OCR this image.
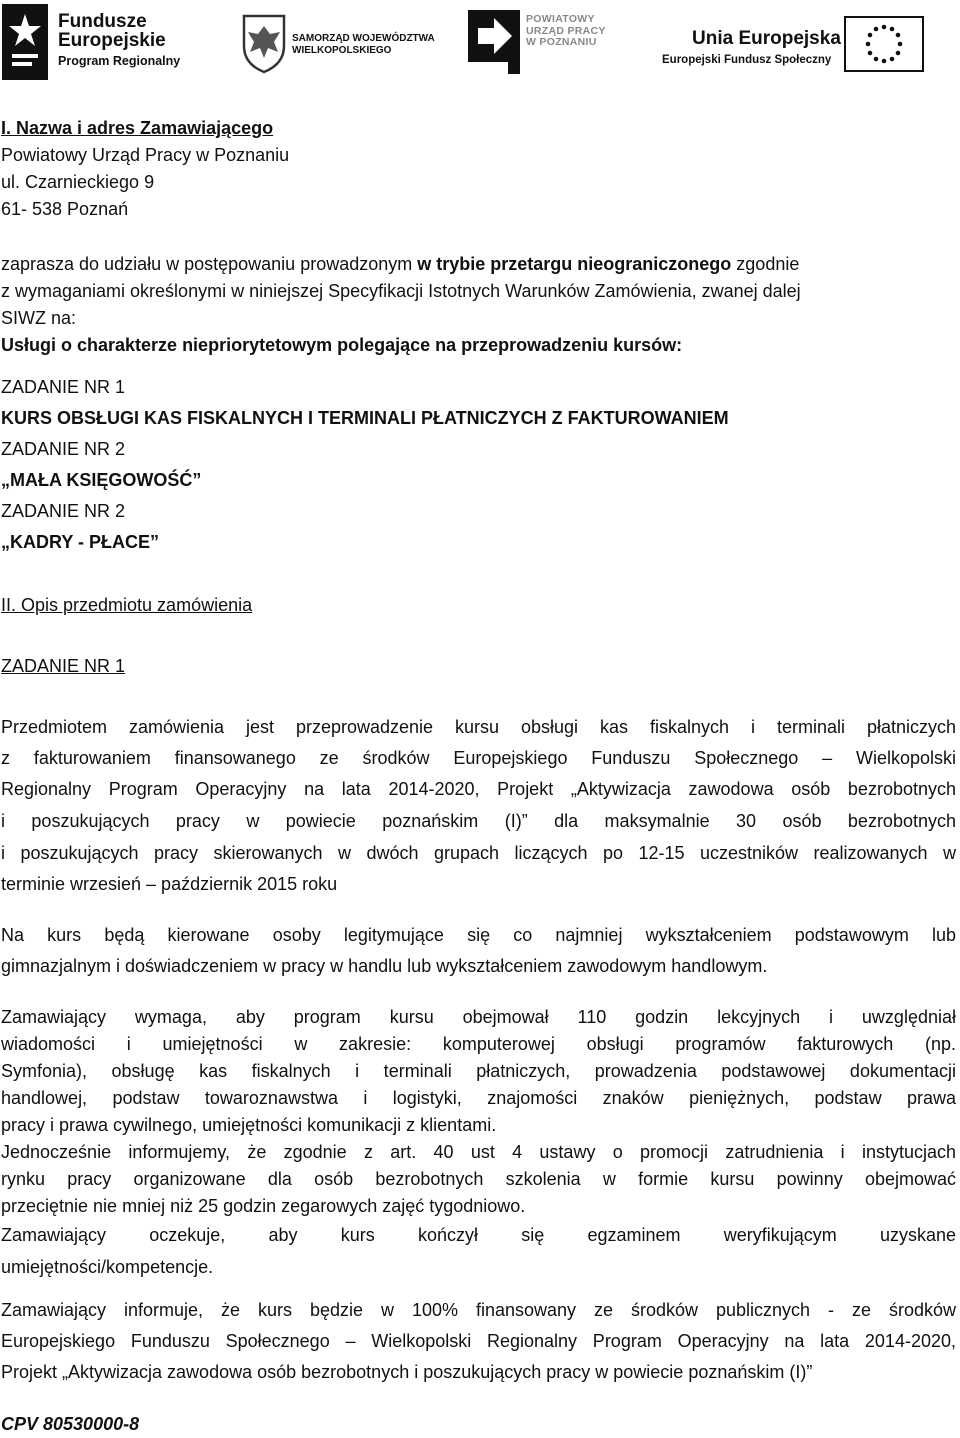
Fundusze
Europejskie
Program Regionalny
SAMORZĄD WOJEWÓDZTWA
WIELKOPOLSKIEGO
POWIATOWY
URZĄD PRACY
W POZNANIU	Unia Europejska
Europejski Fundusz Społeczny

I. Nazwa i adres Zamawiającego

Powiatowy Urząd Pracy w Poznaniu

ul. Czarnieckiego 9

61- 538 Poznań

zaprasza do udziału w postępowaniu prowadzonym w trybie przetargu nieograniczonego zgodnie

z wymaganiami określonymi w niniejszej Specyfikacji Istotnych Warunków Zamówienia, zwanej dalej

SIWZ na:

Usługi o charakterze niepriorytetowym polegające na przeprowadzeniu kursów:

ZADANIE NR 1

KURS OBSŁUGI KAS FISKALNYCH I TERMINALI PŁATNICZYCH Z FAKTUROWANIEM

ZADANIE NR 2

„MAŁA KSIĘGOWOŚĆ”

ZADANIE NR 2

„KADRY - PŁACE”

II. Opis przedmiotu zamówienia

ZADANIE NR 1

Przedmiotem zamówienia jest przeprowadzenie kursu obsługi kas fiskalnych i terminali płatniczych

z fakturowaniem finansowanego ze środków Europejskiego Funduszu Społecznego – Wielkopolski

Regionalny Program Operacyjny na lata 2014-2020, Projekt „Aktywizacja zawodowa osób bezrobotnych

i poszukujących pracy w powiecie poznańskim (I)” dla maksymalnie 30 osób bezrobotnych

i poszukujących pracy skierowanych w dwóch grupach liczących po 12-15 uczestników realizowanych w

terminie wrzesień – październik 2015 roku

Na kurs będą kierowane osoby legitymujące się co najmniej wykształceniem podstawowym lub

gimnazjalnym i doświadczeniem w pracy w handlu lub wykształceniem zawodowym handlowym.

Zamawiający wymaga, aby program kursu obejmował 110 godzin lekcyjnych i uwzględniał

wiadomości i umiejętności w zakresie: komputerowej obsługi programów fakturowych (np.

Symfonia), obsługę kas fiskalnych i terminali płatniczych, prowadzenia podstawowej dokumentacji

handlowej, podstaw towaroznawstwa i logistyki, znajomości znaków pieniężnych, podstaw prawa

pracy i prawa cywilnego, umiejętności komunikacji z klientami.

Jednocześnie informujemy, że zgodnie z art. 40 ust 4 ustawy o promocji zatrudnienia i instytucjach

rynku pracy organizowane dla osób bezrobotnych szkolenia w formie kursu powinny obejmować

przeciętnie nie mniej niż 25 godzin zegarowych zajęć tygodniowo.

Zamawiający oczekuje, aby kurs kończył się egzaminem weryfikującym uzyskane

umiejętności/kompetencje.

Zamawiający informuje, że kurs będzie w 100% finansowany ze środków publicznych - ze środków

Europejskiego Funduszu Społecznego – Wielkopolski Regionalny Program Operacyjny na lata 2014-2020,

Projekt „Aktywizacja zawodowa osób bezrobotnych i poszukujących pracy w powiecie poznańskim (I)”

CPV 80530000-8
